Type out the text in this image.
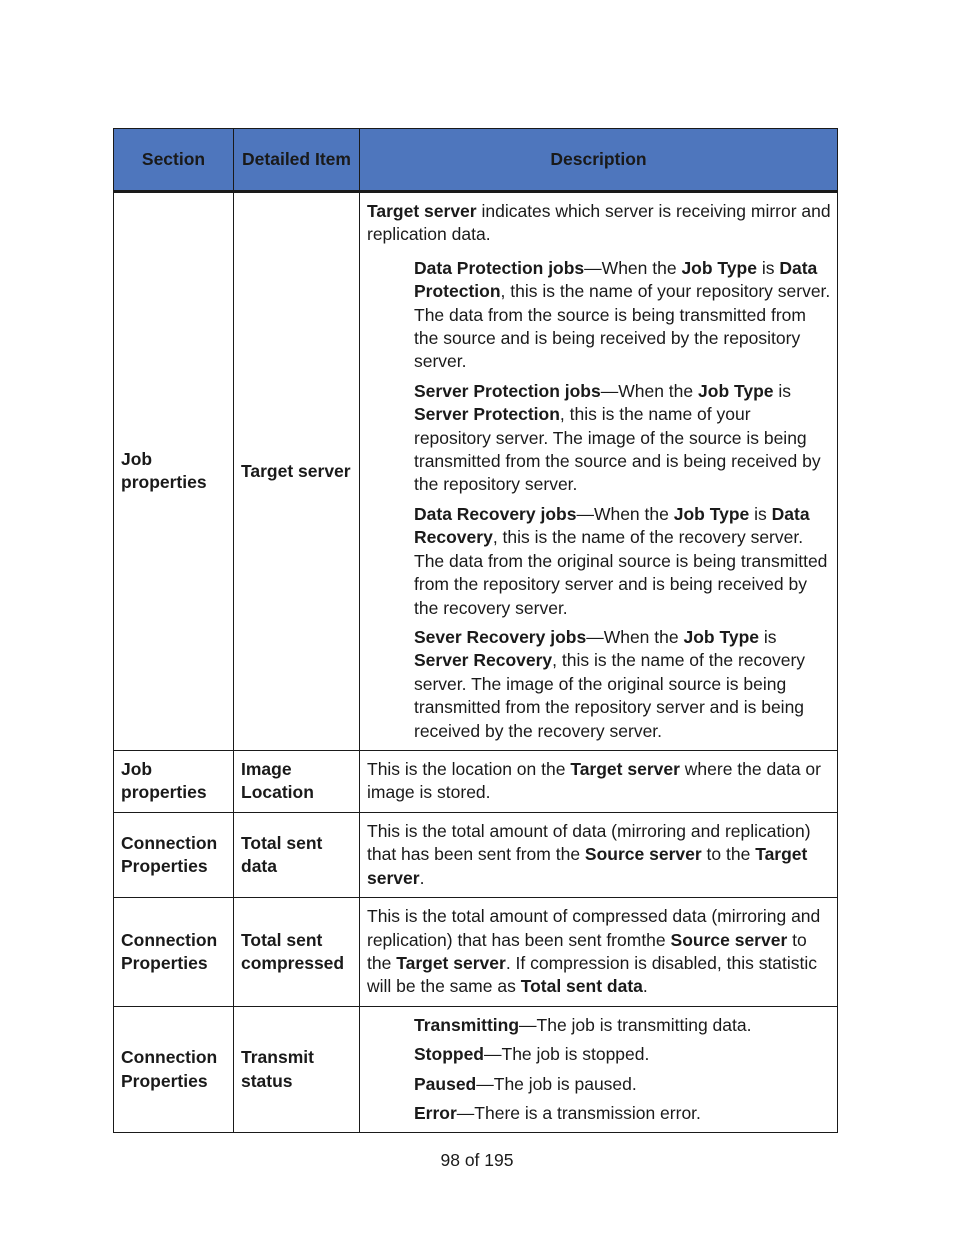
Section	Detailed Item	Description
Job properties	Target server	Target server indicates which server is receiving mirror and replication data.

Data Protection jobs—When the Job Type is Data Protection, this is the name of your repository server. The data from the source is being transmitted from the source and is being received by the repository server.

Server Protection jobs—When the Job Type is Server Protection, this is the name of your repository server. The image of the source is being transmitted from the source and is being received by the repository server.

Data Recovery jobs—When the Job Type is Data Recovery, this is the name of the recovery server. The data from the original source is being transmitted from the repository server and is being received by the recovery server.

Sever Recovery jobs—When the Job Type is Server Recovery, this is the name of the recovery server. The image of the original source is being transmitted from the repository server and is being received by the recovery server.

Job properties	Image Location	This is the location on the Target server where the data or image is stored.

Connection Properties	Total sent data	This is the total amount of data (mirroring and replication) that has been sent from the Source server to the Target server.

Connection Properties	Total sent compressed	This is the total amount of compressed data (mirroring and replication) that has been sent fromthe Source server to the Target server. If compression is disabled, this statistic will be the same as Total sent data.

Connection Properties	Transmit status	Transmitting—The job is transmitting data.

Stopped—The job is stopped.

Paused—The job is paused.

Error—There is a transmission error.

98 of 195
